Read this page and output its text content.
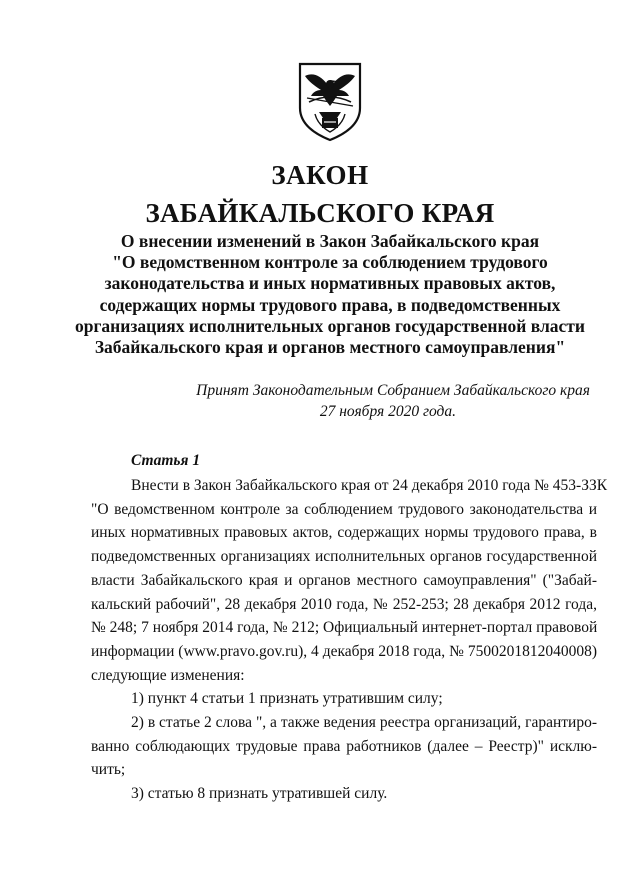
ЗАКОН
ЗАБАЙКАЛЬСКОГО КРАЯ
О внесении изменений в Закон Забайкальского края
"О ведомственном контроле за соблюдением трудового
законодательства и иных нормативных правовых актов,
содержащих нормы трудового права, в подведомственных
организациях исполнительных органов государственной власти
Забайкальского края и органов местного самоуправления"
Принят Законодательным Собранием Забайкальского края
27 ноября 2020 года.
Статья 1
Внести в Закон Забайкальского края от 24 декабря 2010 года № 453-ЗЗК
"О ведомственном контроле за соблюдением трудового законодательства и
иных нормативных правовых актов, содержащих нормы трудового права, в
подведомственных организациях исполнительных органов государственной
власти Забайкальского края и органов местного самоуправления" ("Забай-
кальский рабочий", 28 декабря 2010 года, № 252-253; 28 декабря 2012 года,
№ 248; 7 ноября 2014 года, № 212; Официальный интернет-портал правовой
информации (www.pravo.gov.ru), 4 декабря 2018 года, № 7500201812040008)
следующие изменения:
1) пункт 4 статьи 1 признать утратившим силу;
2) в статье 2 слова ", а также ведения реестра организаций, гарантиро-
ванно соблюдающих трудовые права работников (далее – Реестр)" исклю-
чить;
3) статью 8 признать утратившей силу.
